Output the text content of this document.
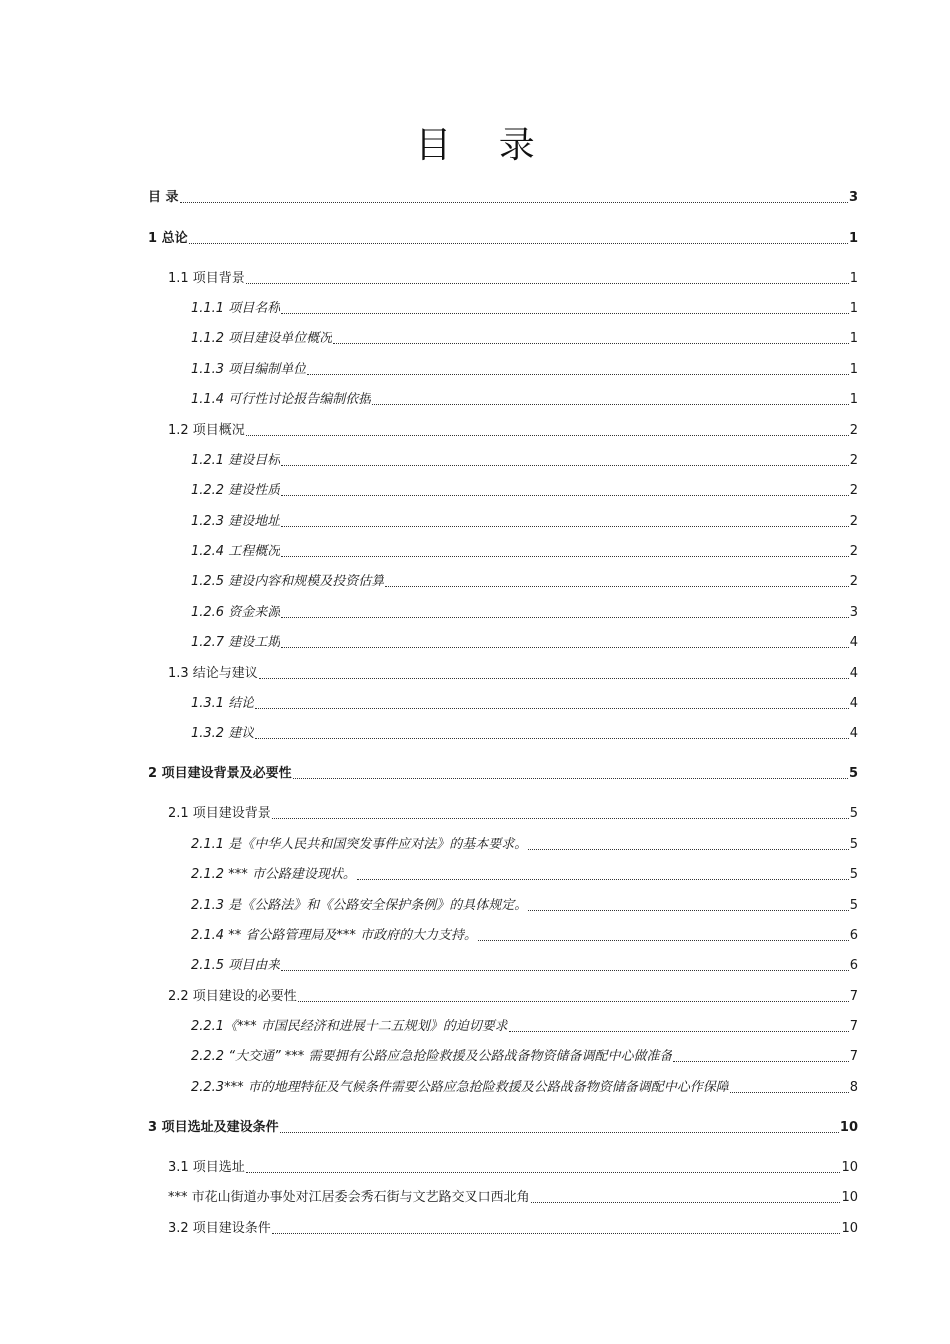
目 录
目 录	3
1 总论	1
1.1 项目背景	1
1.1.1 项目名称	1
1.1.2 项目建设单位概况	1
1.1.3 项目编制单位	1
1.1.4 可行性讨论报告编制依据	1
1.2 项目概况	2
1.2.1 建设目标	2
1.2.2 建设性质	2
1.2.3 建设地址	2
1.2.4 工程概况	2
1.2.5 建设内容和规模及投资估算	2
1.2.6 资金来源	3
1.2.7 建设工期	4
1.3 结论与建议	4
1.3.1 结论	4
1.3.2 建议	4
2 项目建设背景及必要性	5
2.1 项目建设背景	5
2.1.1 是《中华人民共和国突发事件应对法》的基本要求。	5
2.1.2 *** 市公路建设现状。	5
2.1.3 是《公路法》和《公路安全保护条例》的具体规定。	5
2.1.4 ** 省公路管理局及*** 市政府的大力支持。	6
2.1.5 项目由来	6
2.2 项目建设的必要性	7
2.2.1《*** 市国民经济和进展十二五规划》的迫切要求	7
2.2.2 “大交通” *** 需要拥有公路应急抢险救援及公路战备物资储备调配中心做准备	7
2.2.3*** 市的地理特征及气候条件需要公路应急抢险救援及公路战备物资储备调配中心作保障	8
3 项目选址及建设条件	10
3.1 项目选址	10
*** 市花山街道办事处对江居委会秀石街与文艺路交叉口西北角	10
3.2 项目建设条件	10
